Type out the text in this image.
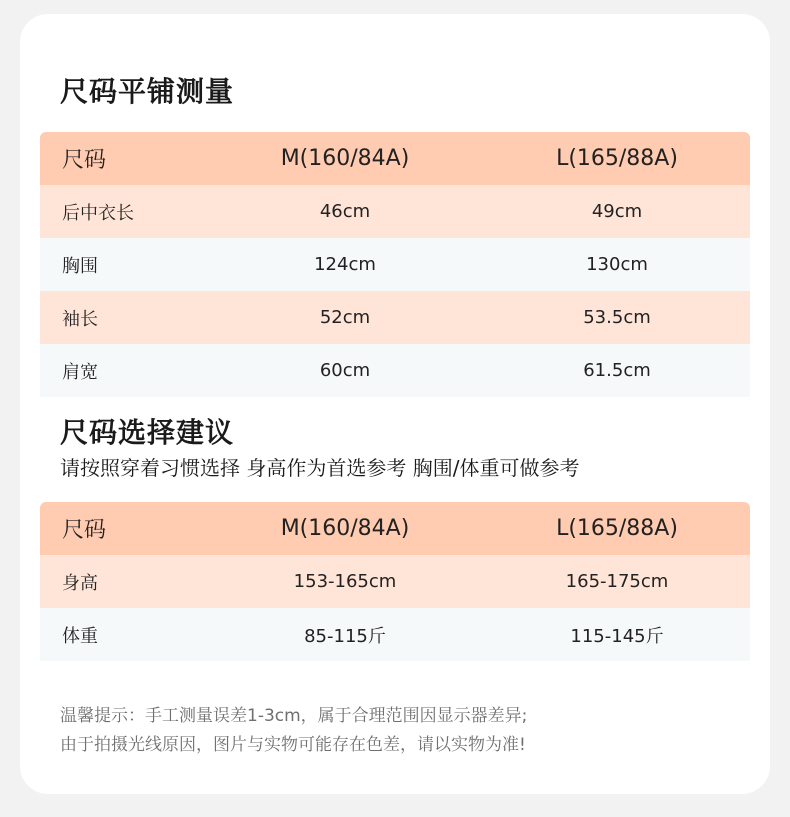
尺码平铺测量
尺码	M(160/84A)	L(165/88A)
后中衣长	46cm	49cm
胸围	124cm	130cm
袖长	52cm	53.5cm
肩宽	60cm	61.5cm
尺码选择建议
请按照穿着习惯选择 身高作为首选参考 胸围/体重可做参考
尺码	M(160/84A)	L(165/88A)
身高	153-165cm	165-175cm
体重	85-115斤	115-145斤
温馨提示：手工测量误差1-3cm，属于合理范围因显示器差异;
由于拍摄光线原因，图片与实物可能存在色差，请以实物为准!
